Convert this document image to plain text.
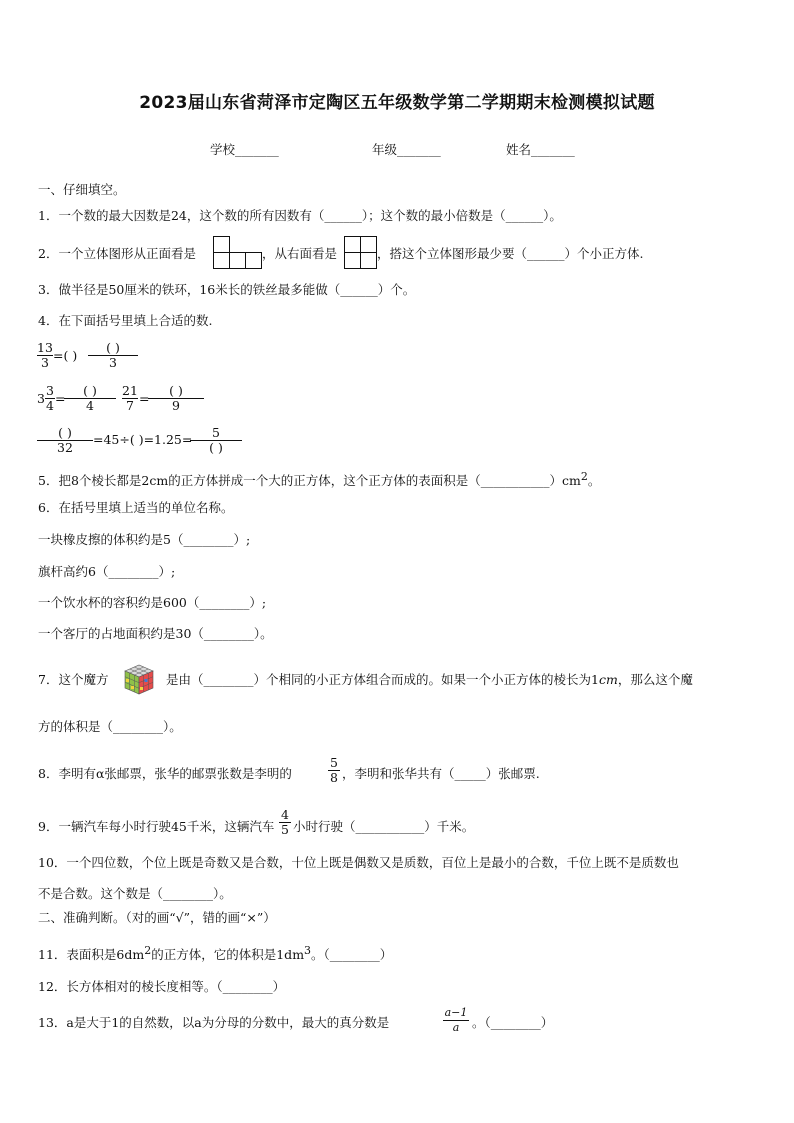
2023届山东省菏泽市定陶区五年级数学第二学期期末检测模拟试题
学校_______	年级_______	姓名_______
一、仔细填空。
1．一个数的最大因数是24，这个数的所有因数有（______）；这个数的最小倍数是（______）。
2．一个立体图形从正面看是	，从右面看是	，搭这个立体图形最少要（______）个小正方体.
3．做半径是50厘米的铁环，16米长的铁丝最多能做（______）个。
4．在下面括号里填上合适的数.
$\frac{13}{3}$ =( )
( )
3
$3 \frac{3}{4}$ =
( )
4	$\frac{21}{7}$ =
( )
9
( )
32
=45÷( )=1.25=	5
( )
5．把8个棱长都是2cm的正方体拼成一个大的正方体，这个正方体的表面积是$(\_\_\_\_\_\_\_\_\_\_\_)cm^2$。
6．在括号里填上适当的单位名称。
一块橡皮擦的体积约是5（________）;
旗杆高约6（________）;
一个饮水杯的容积约是600（________）;
一个客厅的占地面积约是30（________）。
7．这个魔方	是由（________）个相同的小正方体组合而成的。如果一个小正方体的棱长为1cm，那么这个魔
方的体积是（________）。
8．李明有α张邮票，张华的邮票张数是李明的	$\frac{5}{8}$ ，李明和张华共有（_____）张邮票.
9．一辆汽车每小时行驶45千米，这辆汽车 $\frac{4}{5}$ 小时行驶（___________）千米。
10．一个四位数，个位上既是奇数又是合数，十位上既是偶数又是质数，百位上是最小的合数，千位上既不是质数也
不是合数。这个数是（________）。
二、准确判断。（对的画“√”，错的画“×”）
11．表面积是$6dm^2$的正方体，它的体积是$1dm^3$。（________）
12．长方体相对的棱长度相等。（________）
13．a是大于1的自然数，以a为分母的分数中，最大的真分数是	$\frac{a-1}{a}$ 。（________）
